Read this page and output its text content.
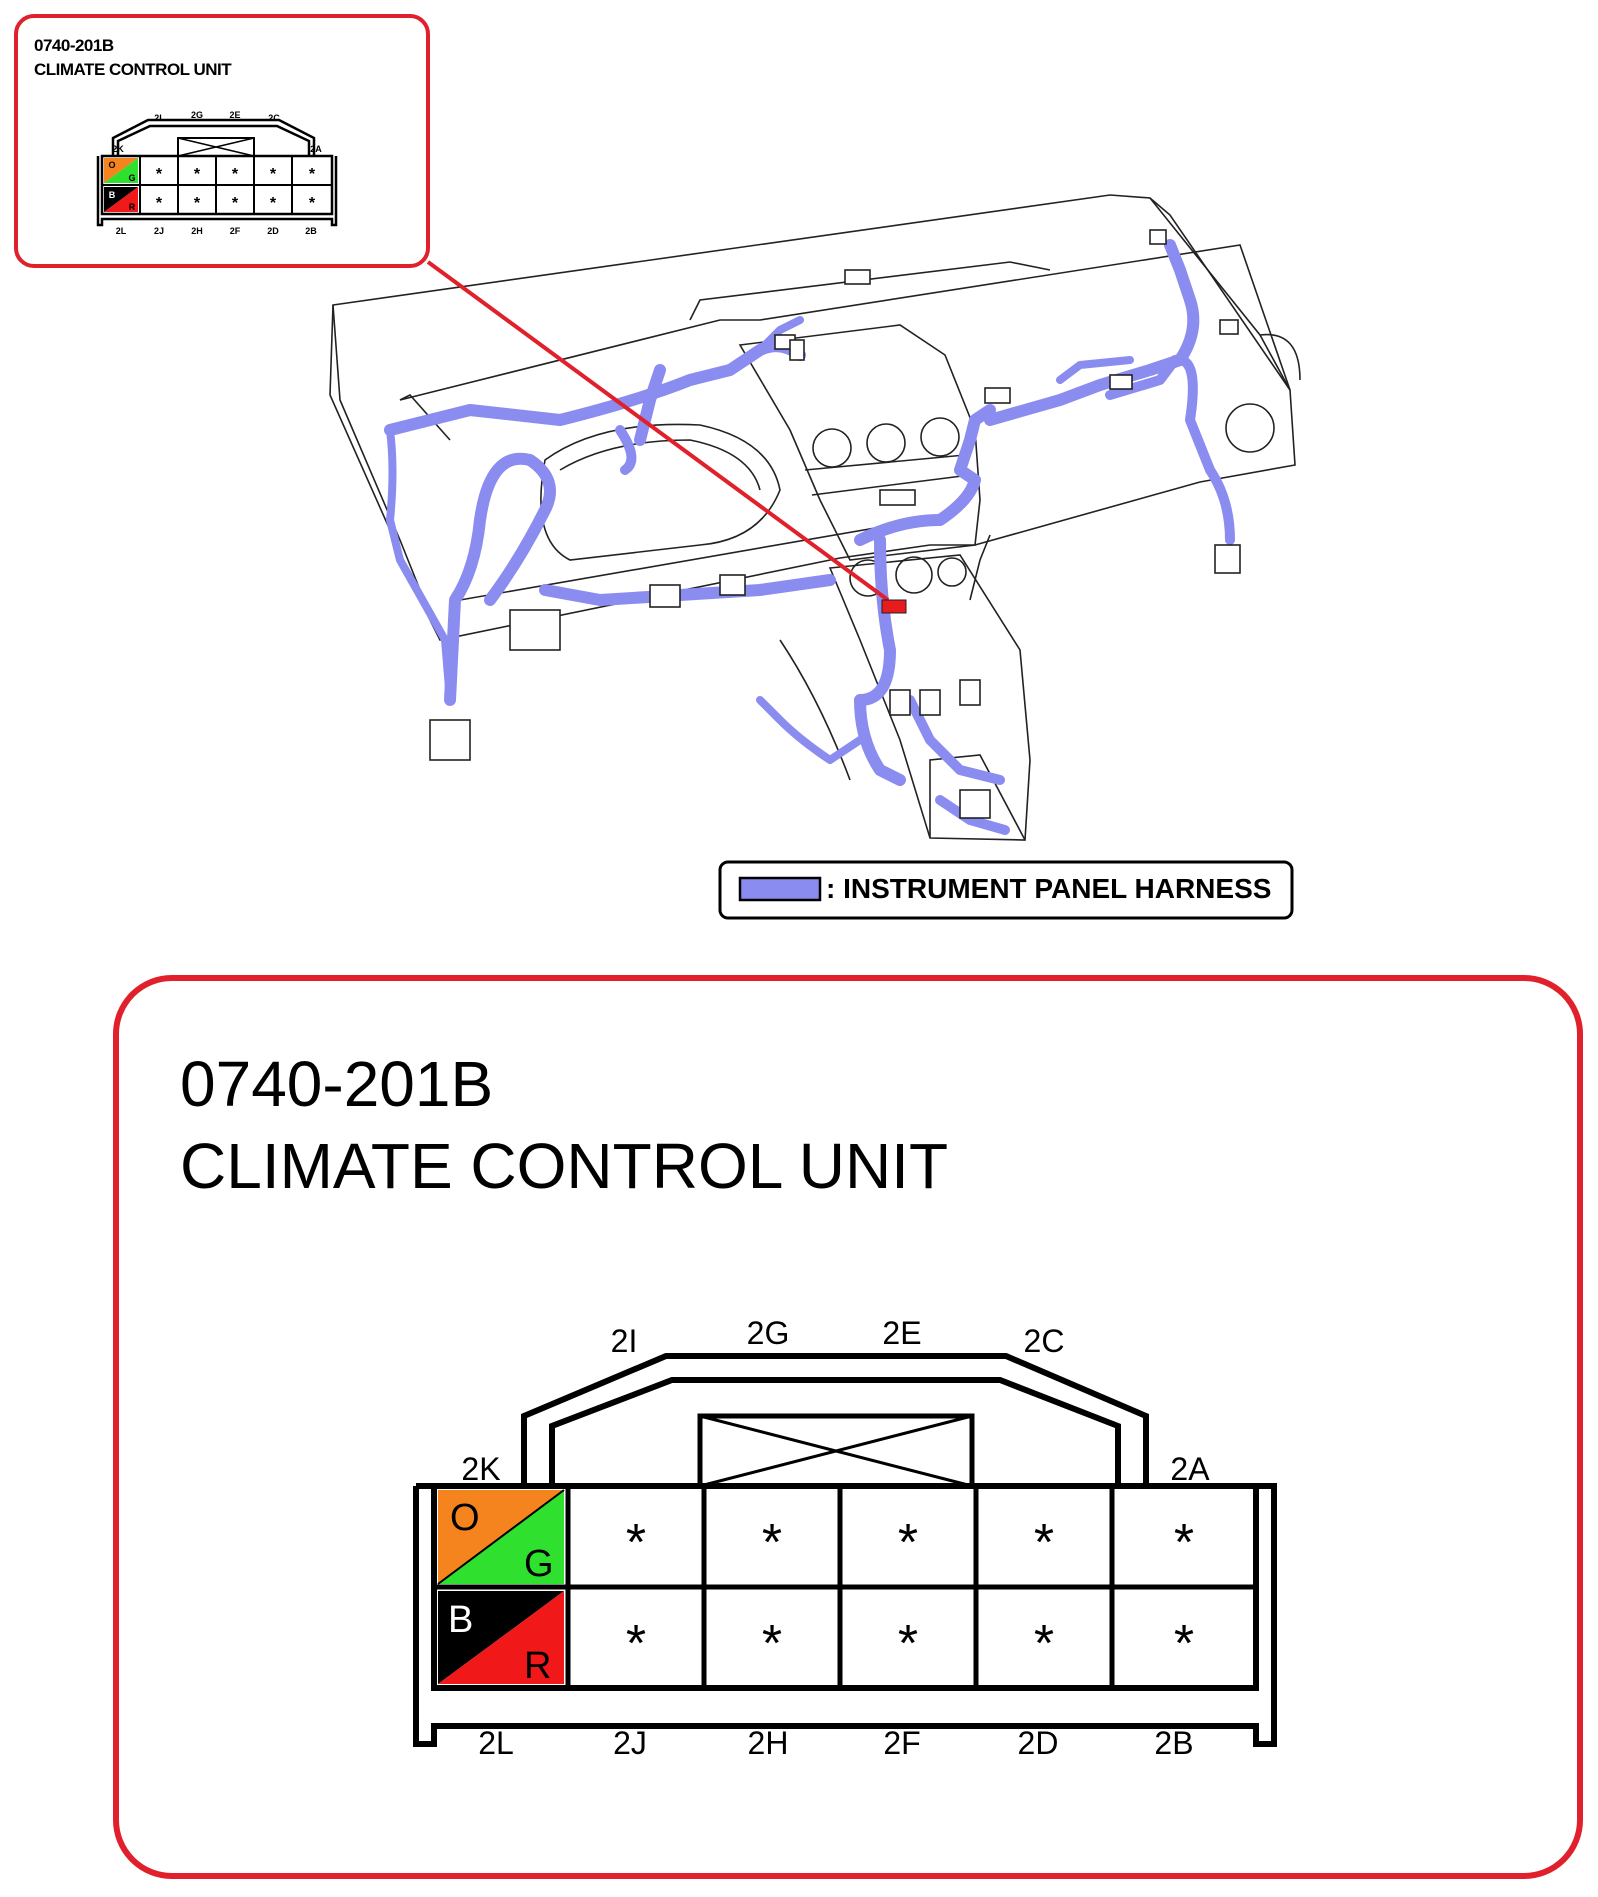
0740-201B
CLIMATE CONTROL UNIT
O
G
B
R
* * * * *
* * * * *
2K
2I	2G	2E	2C
2A
2L	2J	2H	2F	2D	2B
: INSTRUMENT PANEL HARNESS
0740-201B
CLIMATE CONTROL UNIT
O
G
B
R
* * * * *
* * * * *
2K
2I	2G	2E	2C
2A
2L	2J	2H	2F	2D	2B
